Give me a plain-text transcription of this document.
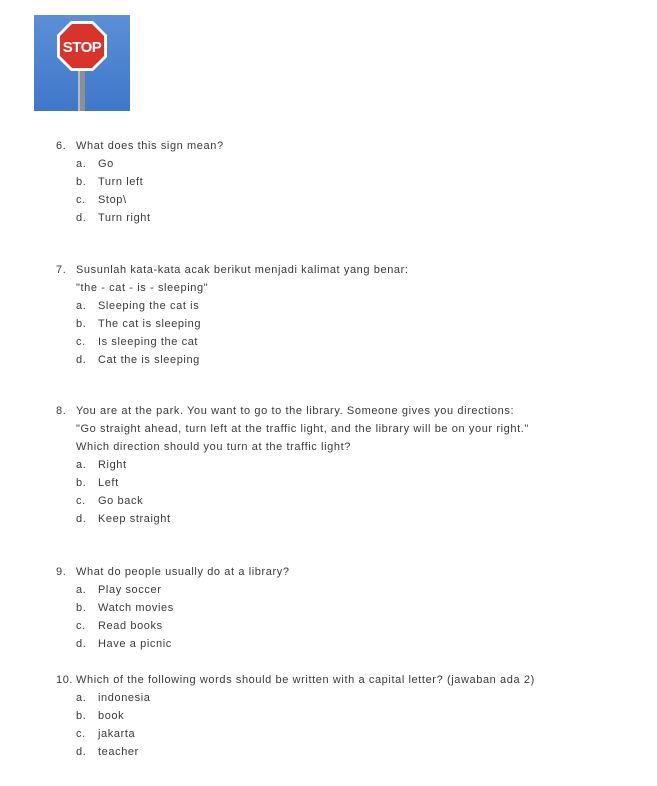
STOP
6. What does this sign mean?
a. Go
b. Turn left
c. Stop\
d. Turn right
7. Susunlah kata-kata acak berikut menjadi kalimat yang benar:
"the - cat - is - sleeping"
a. Sleeping the cat is
b. The cat is sleeping
c. Is sleeping the cat
d. Cat the is sleeping
8. You are at the park. You want to go to the library. Someone gives you directions:
"Go straight ahead, turn left at the traffic light, and the library will be on your right."
Which direction should you turn at the traffic light?
a. Right
b. Left
c. Go back
d. Keep straight
9. What do people usually do at a library?
a. Play soccer
b. Watch movies
c. Read books
d. Have a picnic
10. Which of the following words should be written with a capital letter? (jawaban ada 2)
a. indonesia
b. book
c. jakarta
d. teacher
